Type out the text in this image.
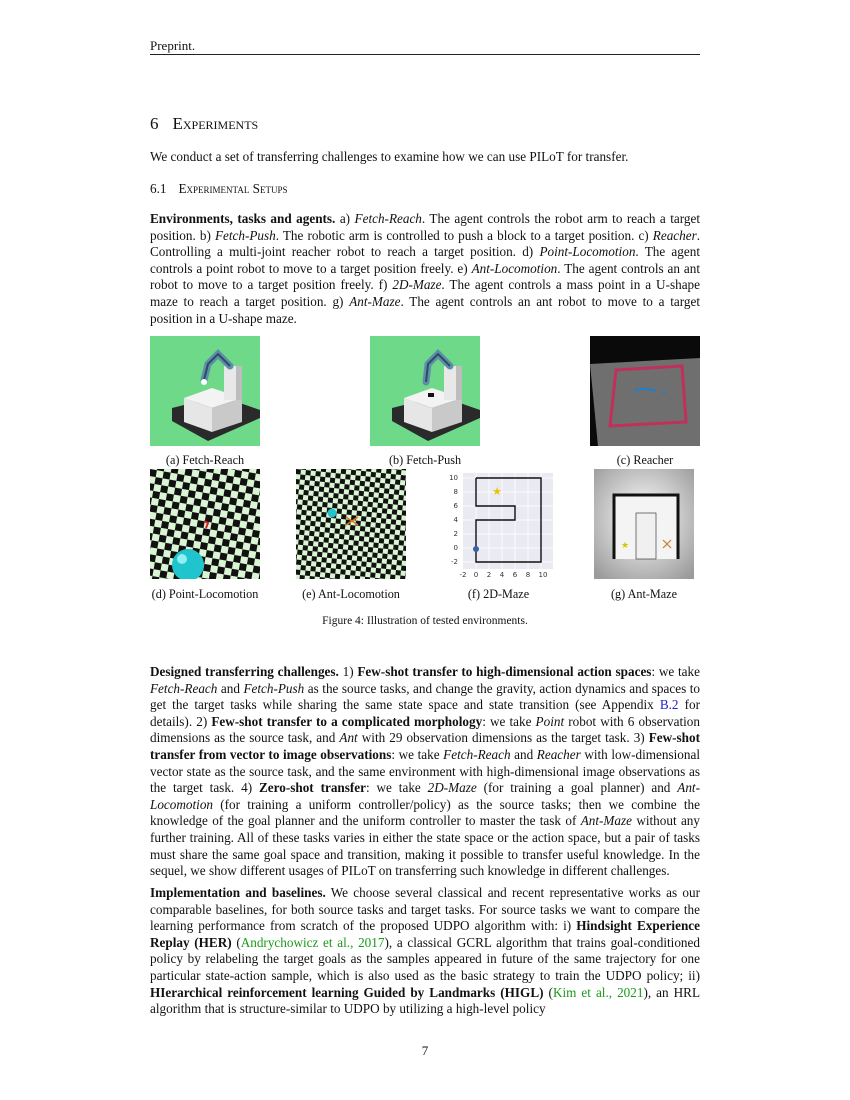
Preprint.
6 Experiments
We conduct a set of transferring challenges to examine how we can use PILoT for transfer.
6.1 Experimental Setups

Environments, tasks and agents. a) Fetch-Reach. The agent controls the robot arm to reach a target position. b) Fetch-Push. The robotic arm is controlled to push a block to a target position. c) Reacher. Controlling a multi-joint reacher robot to reach a target position. d) Point-Locomotion. The agent controls a point robot to move to a target position freely. e) Ant-Locomotion. The agent controls an ant robot to move to a target position freely. f) 2D-Maze. The agent controls a mass point in a U-shape maze to reach a target position. g) Ant-Maze. The agent controls an ant robot to move to a target position in a U-shape maze.

(a) Fetch-Reach	(b) Fetch-Push	(c) Reacher
(d) Point-Locomotion	(e) Ant-Locomotion
★
-2 0 2 4 6 8 10
10
8
6
4
2
0
-2
(f) 2D-Maze
★
(g) Ant-Maze
Figure 4: Illustration of tested environments.

Designed transferring challenges. 1) Few-shot transfer to high-dimensional action spaces: we take Fetch-Reach and Fetch-Push as the source tasks, and change the gravity, action dynamics and spaces to get the target tasks while sharing the same state space and state transition (see Appendix B.2 for details). 2) Few-shot transfer to a complicated morphology: we take Point robot with 6 observation dimensions as the source task, and Ant with 29 observation dimensions as the target task. 3) Few-shot transfer from vector to image observations: we take Fetch-Reach and Reacher with low-dimensional vector state as the source task, and the same environment with high-dimensional image observations as the target task. 4) Zero-shot transfer: we take 2D-Maze (for training a goal planner) and Ant-Locomotion (for training a uniform controller/policy) as the source tasks; then we combine the knowledge of the goal planner and the uniform controller to master the task of Ant-Maze without any further training. All of these tasks varies in either the state space or the action space, but a pair of tasks must share the same goal space and transition, making it possible to transfer useful knowledge. In the sequel, we show different usages of PILoT on transferring such knowledge in different challenges.

Implementation and baselines. We choose several classical and recent representative works as our comparable baselines, for both source tasks and target tasks. For source tasks we want to compare the learning performance from scratch of the proposed UDPO algorithm with: i) Hindsight Experience Replay (HER) (Andrychowicz et al., 2017), a classical GCRL algorithm that trains goal-conditioned policy by relabeling the target goals as the samples appeared in future of the same trajectory for one particular state-action sample, which is also used as the basic strategy to train the UDPO policy; ii) HIerarchical reinforcement learning Guided by Landmarks (HIGL) (Kim et al., 2021), an HRL algorithm that is structure-similar to UDPO by utilizing a high-level policy

7
